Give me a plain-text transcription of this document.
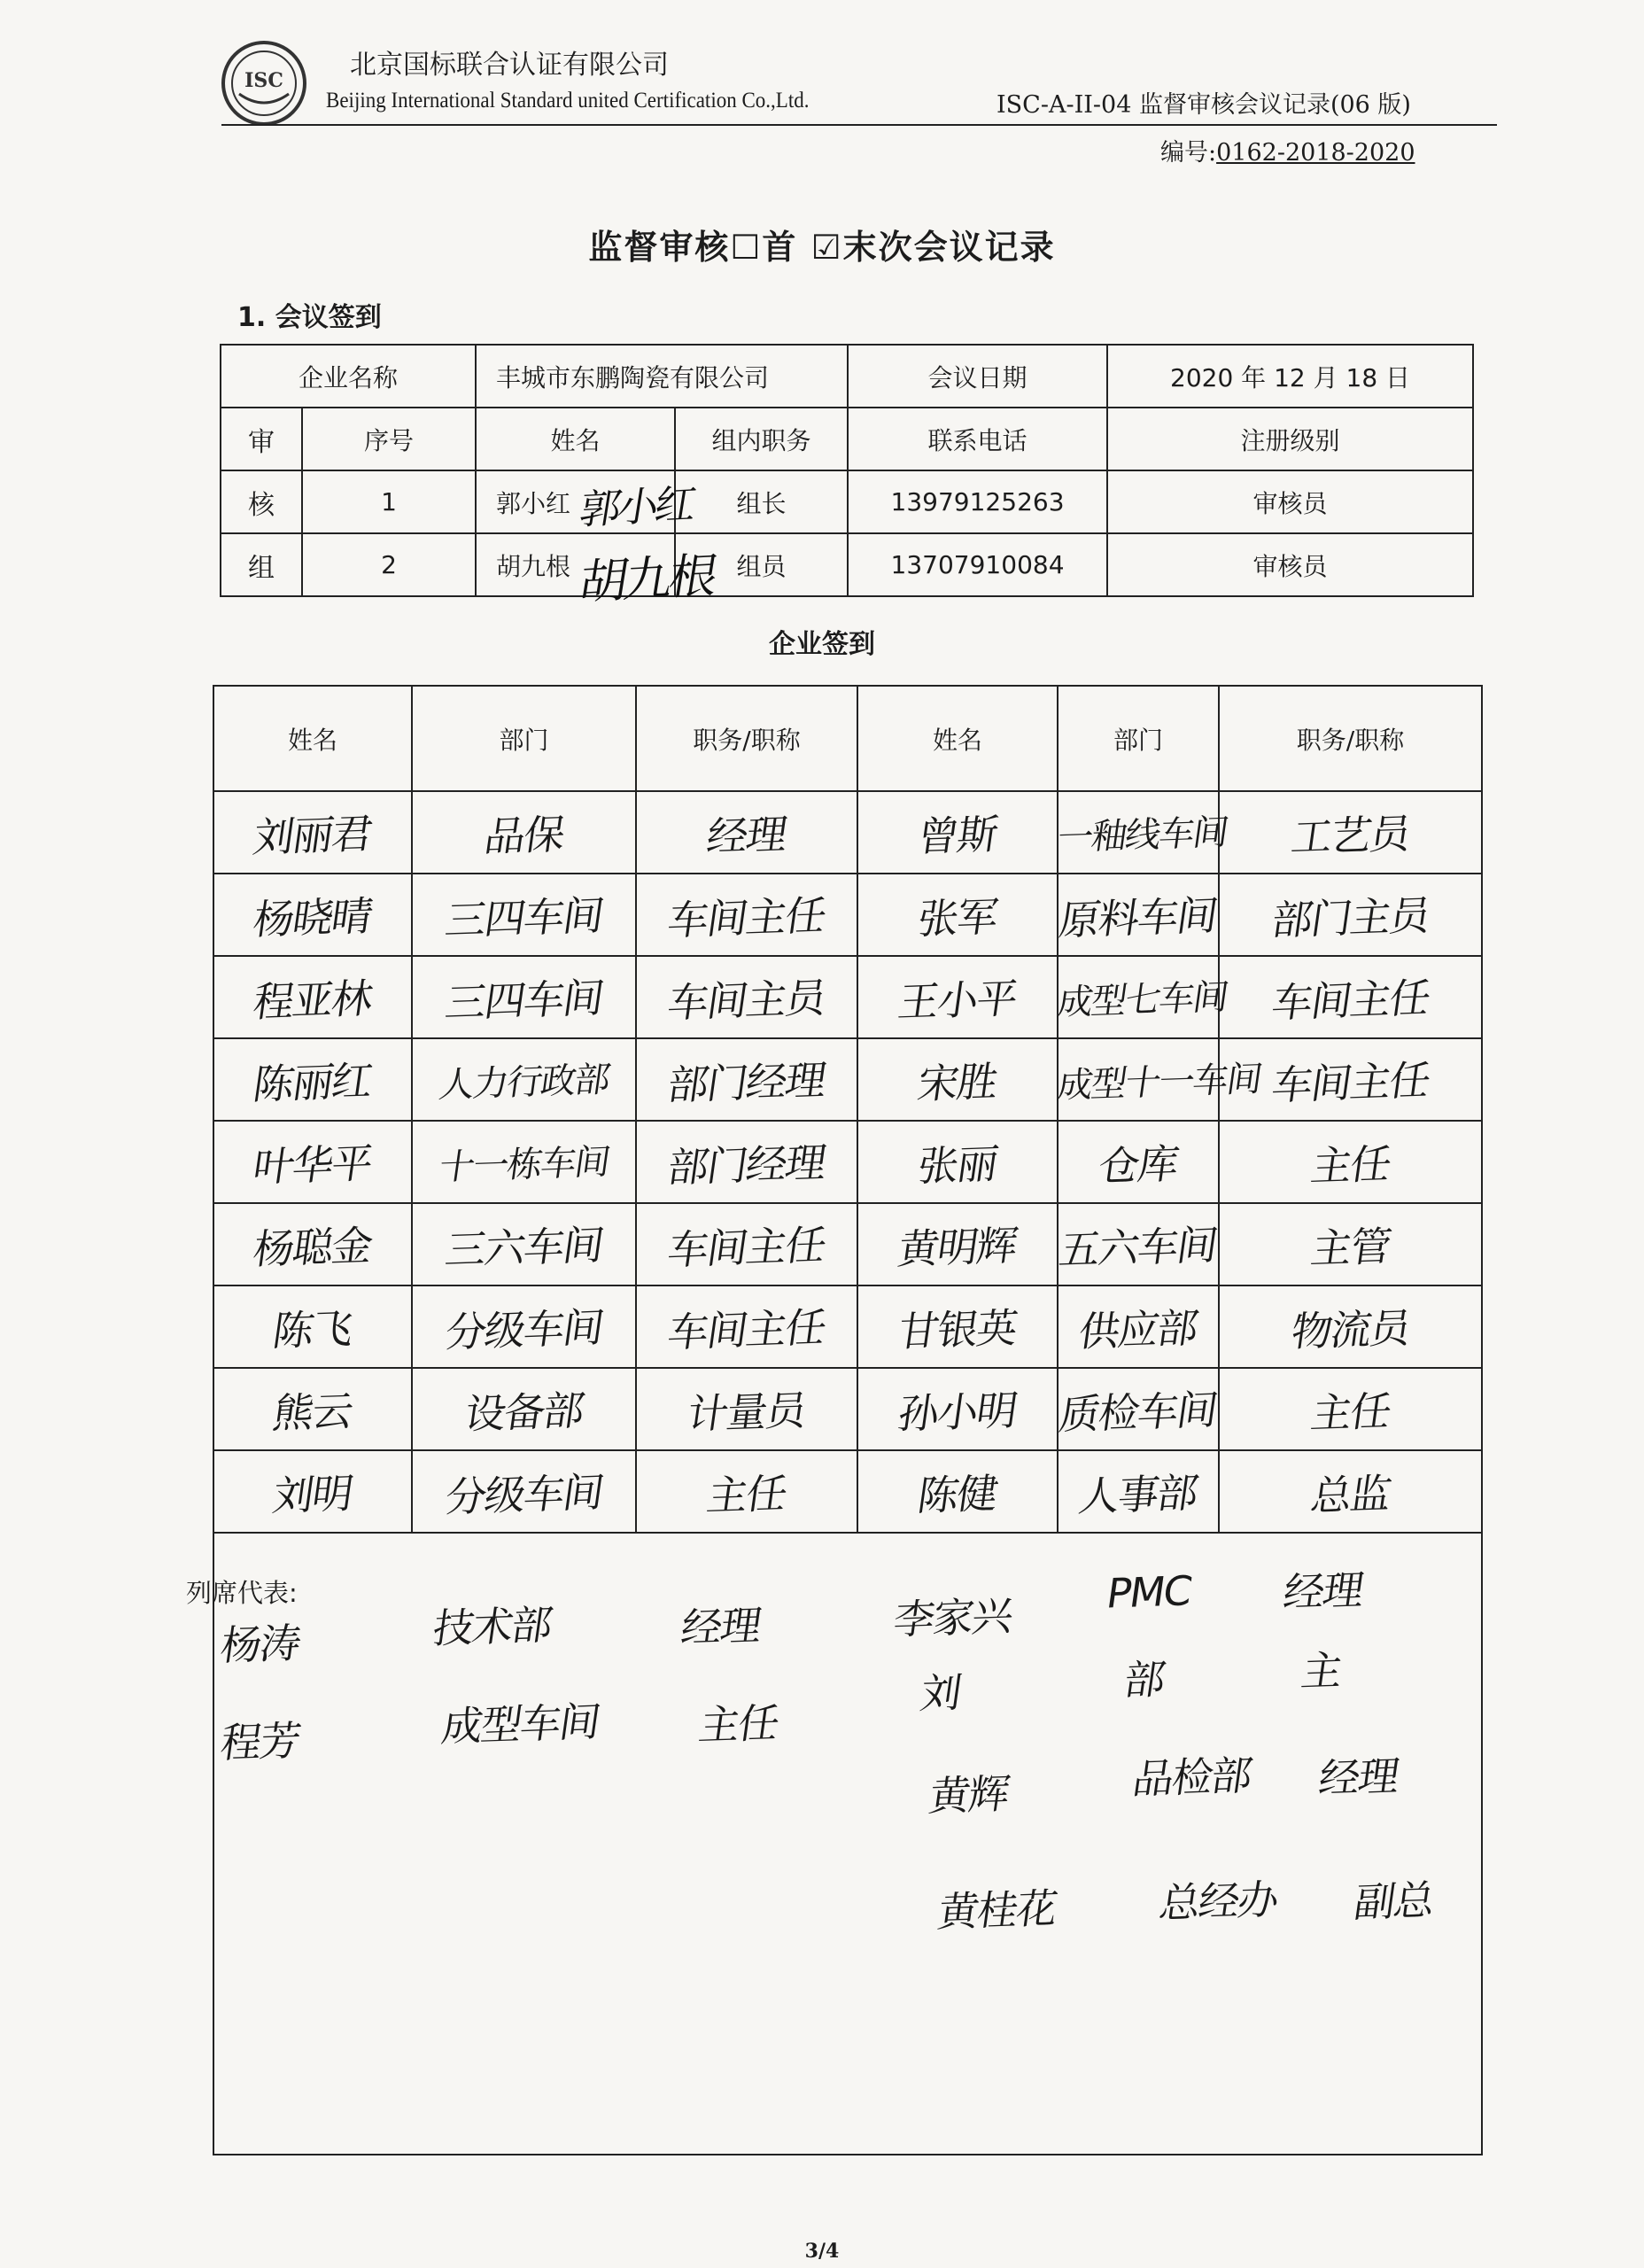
ISC	北京国标联合认证有限公司
Beijing International Standard united Certification Co.,Ltd.	ISC-A-II-04 监督审核会议记录(06 版)
编号:0162-2018-2020
监督审核☐首 ☑末次会议记录
1. 会议签到
企业名称		丰城市东鹏陶瓷有限公司		会议日期	2020 年 12 月 18 日
审	序号	姓名	组内职务	联系电话	注册级别
核	1	郭小红 郭小红	组长	13979125263	审核员
组	2	胡九根 胡九根	组员	13707910084	审核员
企业签到
姓名	部门	职务/职称	姓名	部门	职务/职称
刘丽君	品保	经理	曾斯	一釉线车间	工艺员
杨晓晴	三四车间	车间主任	张军	原料车间	部门主员
程亚林	三四车间	车间主员	王小平	成型七车间	车间主任
陈丽红	人力行政部	部门经理	宋胜	成型十一车间	车间主任
叶华平	十一栋车间	部门经理	张丽	仓库	主任
杨聪金	三六车间	车间主任	黄明辉	五六车间	主管
陈飞	分级车间	车间主任	甘银英	供应部	物流员
熊云	设备部	计量员	孙小明	质检车间	主任
刘明	分级车间	主任	陈健	人事部	总监

列席代表:
杨涛	技术部	经理
程芳	成型车间 主任
李家兴 PMC 经理
刘	部	主
黄辉	品检部 经理
黄桂花 总经办 副总
3/4
